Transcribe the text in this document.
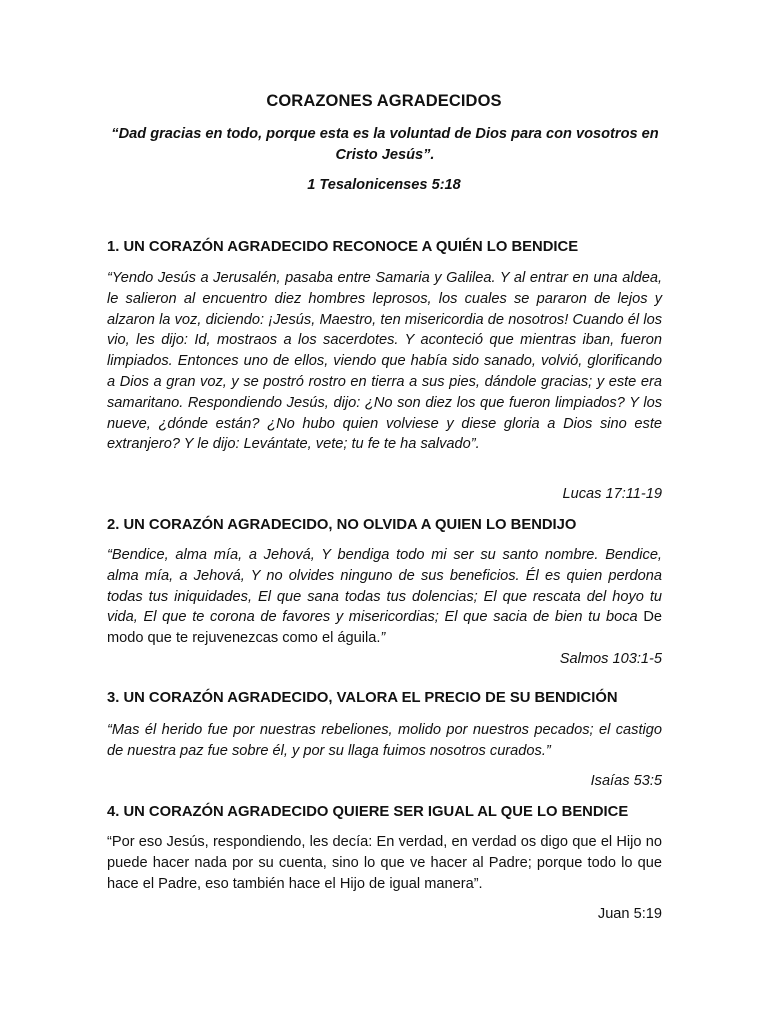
CORAZONES AGRADECIDOS
“Dad gracias en todo, porque esta es la voluntad de Dios para con vosotros en Cristo Jesús”.
1 Tesalonicenses 5:18
1. UN CORAZÓN AGRADECIDO RECONOCE A QUIÉN LO BENDICE

“Yendo Jesús a Jerusalén, pasaba entre Samaria y Galilea. Y al entrar en una aldea, le salieron al encuentro diez hombres leprosos, los cuales se pararon de lejos y alzaron la voz, diciendo: ¡Jesús, Maestro, ten misericordia de nosotros! Cuando él los vio, les dijo: Id, mostraos a los sacerdotes. Y aconteció que mientras iban, fueron limpiados. Entonces uno de ellos, viendo que había sido sanado, volvió, glorificando a Dios a gran voz, y se postró rostro en tierra a sus pies, dándole gracias; y este era samaritano. Respondiendo Jesús, dijo: ¿No son diez los que fueron limpiados? Y los nueve, ¿dónde están? ¿No hubo quien volviese y diese gloria a Dios sino este extranjero? Y le dijo: Levántate, vete; tu fe te ha salvado”.

Lucas 17:11-19
2. UN CORAZÓN AGRADECIDO, NO OLVIDA A QUIEN LO BENDIJO

“Bendice, alma mía, a Jehová, Y bendiga todo mi ser su santo nombre. Bendice, alma mía, a Jehová, Y no olvides ninguno de sus beneficios. Él es quien perdona todas tus iniquidades, El que sana todas tus dolencias; El que rescata del hoyo tu vida, El que te corona de favores y misericordias; El que sacia de bien tu boca De modo que te rejuvenezcas como el águila.”

Salmos 103:1-5
3. UN CORAZÓN AGRADECIDO, VALORA EL PRECIO DE SU BENDICIÓN

“Mas él herido fue por nuestras rebeliones, molido por nuestros pecados; el castigo de nuestra paz fue sobre él, y por su llaga fuimos nosotros curados.”

Isaías 53:5
4. UN CORAZÓN AGRADECIDO QUIERE SER IGUAL AL QUE LO BENDICE

“Por eso Jesús, respondiendo, les decía: En verdad, en verdad os digo que el Hijo no puede hacer nada por su cuenta, sino lo que ve hacer al Padre; porque todo lo que hace el Padre, eso también hace el Hijo de igual manera”.

Juan 5:19
